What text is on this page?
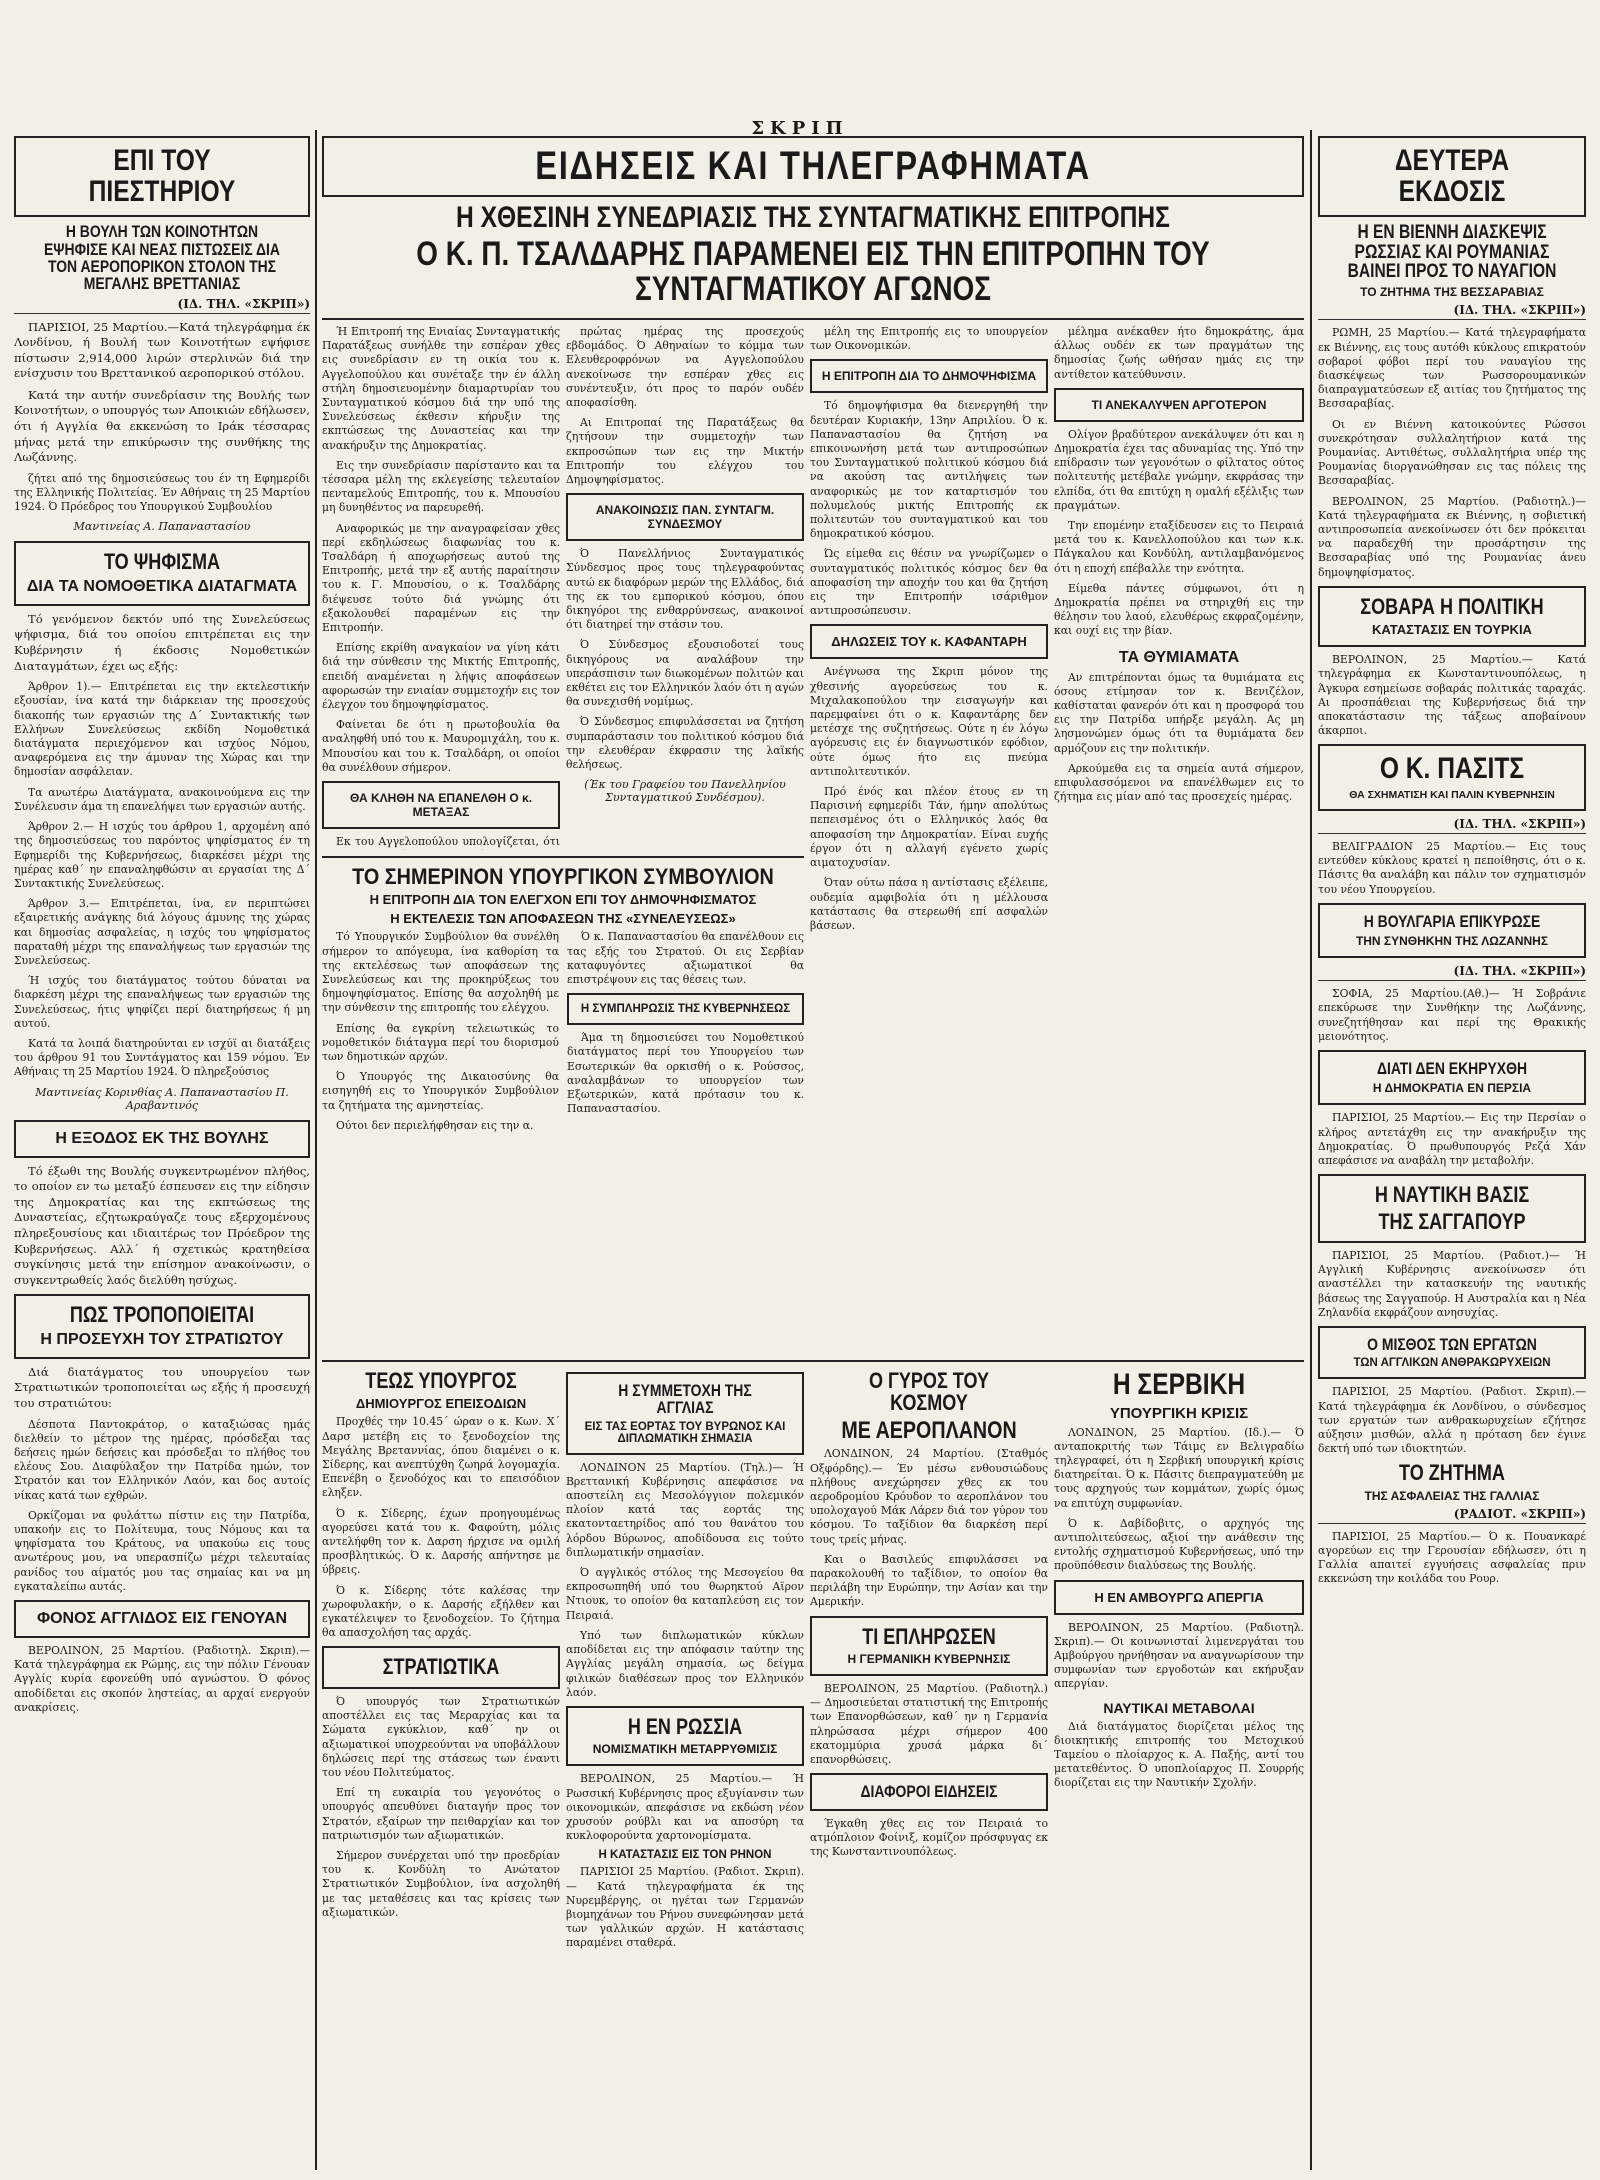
ΣΚΡΙΠ
ΕΠΙ ΤΟΥ ΠΙΕΣΤΗΡΙΟΥ
Η ΒΟΥΛΗ ΤΩΝ ΚΟΙΝΟΤΗΤΩΝ ΕΨΗΦΙΣΕ ΚΑΙ ΝΕΑΣ ΠΙΣΤΩΣΕΙΣ ΔΙΑ ΤΟΝ ΑΕΡΟΠΟΡΙΚΟΝ ΣΤΟΛΟΝ ΤΗΣ ΜΕΓΑΛΗΣ ΒΡΕΤΤΑΝΙΑΣ
(ΙΔ. ΤΗΛ. «ΣΚΡΙΠ»)

ΠΑΡΙΣΙΟΙ, 25 Μαρτίου.—Κατά τηλεγράφημα έκ Λονδίνου, ή Βουλή των Κοινοτήτων εψήφισε πίστωσιν 2,914,000 λιρών στερλινών διά την ενίσχυσιν του Βρεττανικού αεροπορικού στόλου.

Κατά την αυτήν συνεδρίασιν της Βουλής των Κοινοτήτων, ο υπουργός των Αποικιών εδήλωσεν, ότι ή Αγγλία θα εκκενώση το Ιράκ τέσσαρας μήνας μετά την επικύρωσιν της συνθήκης της Λωζάννης.

ζήτει από της δημοσιεύσεως του έν τη Εφημερίδι της Ελληνικής Πολιτείας. Έν Αθήναις τη 25 Μαρτίου 1924. Ό Πρόεδρος του Υπουργικού Συμβουλίου

Μαντινείας Α. Παπαναστασίου
ΤΟ ΨΗΦΙΣΜΑ
ΔΙΑ ΤΑ ΝΟΜΟΘΕΤΙΚΑ ΔΙΑΤΑΓΜΑΤΑ

Τό γενόμενον δεκτόν υπό της Συνελεύσεως ψήφισμα, διά του οποίου επιτρέπεται εις την Κυβέρνησιν ή έκδοσις Νομοθετικών Διαταγμάτων, έχει ως εξής:

Άρθρον 1).— Επιτρέπεται εις την εκτελεστικήν εξουσίαν, ίνα κατά την διάρκειαν της προσεχούς διακοπής των εργασιών της Δ΄ Συντακτικής των Ελλήνων Συνελεύσεως εκδίδη Νομοθετικά διατάγματα περιεχόμενον και ισχύος Νόμου, αναφερόμενα εις την άμυναν της Χώρας και την δημοσίαν ασφάλειαν.

Τα ανωτέρω Διατάγματα, ανακοινούμενα εις την Συνέλευσιν άμα τη επανελήψει των εργασιών αυτής.

Άρθρον 2.— Η ισχύς του άρθρου 1, αρχομένη από της δημοσιεύσεως του παρόντος ψηφίσματος έν τη Εφημερίδι της Κυβερνήσεως, διαρκέσει μέχρι της ημέρας καθ΄ ην επαναληφθώσιν αι εργασίαι της Δ΄ Συντακτικής Συνελεύσεως.

Άρθρον 3.— Επιτρέπεται, ίνα, εν περιπτώσει εξαιρετικής ανάγκης διά λόγους άμυνης της χώρας και δημοσίας ασφαλείας, η ισχύς του ψηφίσματος παραταθή μέχρι της επαναλήψεως των εργασιών της Συνελεύσεως.

Ή ισχύς του διατάγματος τούτου δύναται να διαρκέση μέχρι της επαναλήψεως των εργασιών της Συνελεύσεως, ήτις ψηφίζει περί διατηρήσεως ή μη αυτού.

Κατά τα λοιπά διατηρούνται εν ισχύϊ αι διατάξεις του άρθρου 91 του Συντάγματος και 159 νόμου. Έν Αθήναις τη 25 Μαρτίου 1924. Ό πληρεξούσιος

Μαντινείας Κορινθίας Α. Παπαναστασίου Π. Αραβαντινός
Η ΕΞΟΔΟΣ ΕΚ ΤΗΣ ΒΟΥΛΗΣ

Τό έξωθι της Βουλής συγκεντρωμένον πλήθος, το οποίον εν τω μεταξύ έσπευσεν εις την είδησιν της Δημοκρατίας και της εκπτώσεως της Δυναστείας, εζητωκραύγαζε τους εξερχομένους πληρεξουσίους και ιδιαιτέρως τον Πρόεδρον της Κυβερνήσεως. Αλλ΄ ή σχετικώς κρατηθείσα συγκίνησις μετά την επίσημον ανακοίνωσιν, ο συγκεντρωθείς λαός διελύθη ησύχως.

ΠΩΣ ΤΡΟΠΟΠΟΙΕΙΤΑΙ
Η ΠΡΟΣΕΥΧΗ ΤΟΥ ΣΤΡΑΤΙΩΤΟΥ

Διά διατάγματος του υπουργείου των Στρατιωτικών τροποποιείται ως εξής ή προσευχή του στρατιώτου:

Δέσποτα Παντοκράτορ, ο καταξιώσας ημάς διελθείν το μέτρον της ημέρας, πρόσδεξαι τας δεήσεις ημών δεήσεις και πρόσδεξαι το πλήθος του ελέους Σου. Διαφύλαξον την Πατρίδα ημών, τον Στρατόν και τον Ελληνικόν Λαόν, και δος αυτοίς νίκας κατά των εχθρών.

Ορκίζομαι να φυλάττω πίστιν εις την Πατρίδα, υπακοήν εις το Πολίτευμα, τους Νόμους και τα ψηφίσματα του Κράτους, να υπακούω εις τους ανωτέρους μου, να υπερασπίζω μέχρι τελευταίας ρανίδος του αίματός μου τας σημαίας και να μη εγκαταλείπω αυτάς.

ΦΟΝΟΣ ΑΓΓΛΙΔΟΣ ΕΙΣ ΓΕΝΟΥΑΝ

ΒΕΡΟΛΙΝΟΝ, 25 Μαρτίου. (Ραδιοτηλ. Σκριπ).— Κατά τηλεγράφημα εκ Ρώμης, εις την πόλιν Γένουαν Αγγλίς κυρία εφονεύθη υπό αγνώστου. Ό φόνος αποδίδεται εις σκοπόν ληστείας, αι αρχαί ενεργούν ανακρίσεις.

ΕΙΔΗΣΕΙΣ ΚΑΙ ΤΗΛΕΓΡΑΦΗΜΑΤΑ
Η ΧΘΕΣΙΝΗ ΣΥΝΕΔΡΙΑΣΙΣ ΤΗΣ ΣΥΝΤΑΓΜΑΤΙΚΗΣ ΕΠΙΤΡΟΠΗΣ
Ο Κ. Π. ΤΣΑΛΔΑΡΗΣ ΠΑΡΑΜΕΝΕΙ ΕΙΣ ΤΗΝ ΕΠΙΤΡΟΠΗΝ ΤΟΥ ΣΥΝΤΑΓΜΑΤΙΚΟΥ ΑΓΩΝΟΣ

Ή Επιτροπή της Ενιαίας Συνταγματικής Παρατάξεως συνήλθε την εσπέραν χθες εις συνεδρίασιν εν τη οικία του κ. Αγγελοπούλου και συνέταξε την έν άλλη στήλη δημοσιευομένην διαμαρτυρίαν του Συνταγματικού κόσμου διά την υπό της Συνελεύσεως έκθεσιν κήρυξιν της εκπτώσεως της Δυναστείας και την ανακήρυξιν της Δημοκρατίας.

Εις την συνεδρίασιν παρίσταντο και τα τέσσαρα μέλη της εκλεγείσης τελευταίον πενταμελούς Επιτροπής, του κ. Μπουσίου μη δυνηθέντος να παρευρεθή.

Αναφορικώς με την αναγραφείσαν χθες περί εκδηλώσεως διαφωνίας του κ. Τσαλδάρη ή αποχωρήσεως αυτού της Επιτροπής, μετά την εξ αυτής παραίτησιν του κ. Γ. Μπουσίου, ο κ. Τσαλδάρης διέψευσε τούτο διά γνώμης ότι εξακολουθεί παραμένων εις την Επιτροπήν.

Επίσης εκρίθη αναγκαίον να γίνη κάτι διά την σύνθεσιν της Μικτής Επιτροπής, επειδή αναμένεται η λήψις αποφάσεων αφορωσών την ενιαίαν συμμετοχήν εις τον έλεγχον του δημοψηφίσματος.

Φαίνεται δε ότι η πρωτοβουλία θα αναληφθή υπό του κ. Μαυρομιχάλη, του κ. Μπουσίου και του κ. Τσαλδάρη, οι οποίοι θα συνέλθουν σήμερον.

ΘΑ ΚΛΗΘΗ ΝΑ ΕΠΑΝΕΛΘΗ Ο κ. ΜΕΤΑΞΑΣ

Εκ του Αγγελοπούλου υπολογίζεται, ότι

πρώτας ημέρας της προσεχούς εβδομάδος. Ό Αθηναίων το κόμμα των Ελευθεροφρόνων να Αγγελοπούλου ανεκοίνωσε την εσπέραν χθες εις συνέντευξιν, ότι προς το παρόν ουδέν αποφασίσθη.

Αι Επιτροπαί της Παρατάξεως θα ζητήσουν την συμμετοχήν των εκπροσώπων των εις την Μικτήν Επιτροπήν του ελέγχου του Δημοψηφίσματος.

ΑΝΑΚΟΙΝΩΣΙΣ ΠΑΝ. ΣΥΝΤΑΓΜ. ΣΥΝΔΕΣΜΟΥ

Ό Πανελλήνιος Συνταγματικός Σύνδεσμος προς τους τηλεγραφούντας αυτώ εκ διαφόρων μερών της Ελλάδος, διά της εκ του εμπορικού κόσμου, όπου δικηγόροι της ενθαρρύνσεως, ανακοινοί ότι διατηρεί την στάσιν του.

Ό Σύνδεσμος εξουσιοδοτεί τους δικηγόρους να αναλάβουν την υπεράσπισιν των διωκομένων πολιτών και εκθέτει εις τον Ελληνικόν λαόν ότι η αγών θα συνεχισθή νομίμως.

Ό Σύνδεσμος επιφυλάσσεται να ζητήση συμπαράστασιν του πολιτικού κόσμου διά την ελευθέραν έκφρασιν της λαϊκής θελήσεως.

(Έκ του Γραφείου του Πανελληνίου Συνταγματικού Συνδέσμου).

μέλη της Επιτροπής εις το υπουργείον των Οικονομικών.

Η ΕΠΙΤΡΟΠΗ ΔΙΑ ΤΟ ΔΗΜΟΨΗΦΙΣΜΑ

Τό δημοψήφισμα θα διενεργηθή την δευτέραν Κυριακήν, 13ην Απριλίου. Ό κ. Παπαναστασίου θα ζητήση να επικοινωνήση μετά των αντιπροσώπων του Συνταγματικού πολιτικού κόσμου διά να ακούση τας αντιλήψεις των αναφορικώς με τον καταρτισμόν του πολυμελούς μικτής Επιτροπής εκ πολιτευτών του συνταγματικού και του δημοκρατικού κόσμου.

Ώς είμεθα εις θέσιν να γνωρίζωμεν ο συνταγματικός πολιτικός κόσμος δεν θα αποφασίση την αποχήν του και θα ζητήση εις την Επιτροπήν ισάριθμον αντιπροσώπευσιν.

ΔΗΛΩΣΕΙΣ ΤΟΥ κ. ΚΑΦΑΝΤΑΡΗ

Ανέγνωσα της Σκριπ μόνον της χθεσινής αγορεύσεως του κ. Μιχαλακοπούλου την εισαγωγήν και παρεμφαίνει ότι ο κ. Καφαντάρης δεν μετέσχε της συζητήσεως. Ούτε η έν λόγω αγόρευσις εις έν διαγνωστικόν εφόδιον, ούτε όμως ήτο εις πνεύμα αντιπολιτευτικόν.

Πρό ένός και πλέον έτους εν τη Παρισινή εφημερίδι Τάν, ήμην απολύτως πεπεισμένος ότι ο Ελληνικός λαός θα αποφασίση την Δημοκρατίαν. Είναι ευχής έργον ότι η αλλαγή εγένετο χωρίς αιματοχυσίαν.

Όταν ούτω πάσα η αντίστασις εξέλειπε, ουδεμία αμφιβολία ότι η μέλλουσα κατάστασις θα στερεωθή επί ασφαλών βάσεων.

μέλημα ανέκαθεν ήτο δημοκράτης, άμα άλλως ουδέν εκ των πραγμάτων της δημοσίας ζωής ωθήσαν ημάς εις την αντίθετον κατεύθυνσιν.

ΤΙ ΑΝΕΚΑΛΥΨΕΝ ΑΡΓΟΤΕΡΟΝ

Ολίγον βραδύτερον ανεκάλυψεν ότι και η Δημοκρατία έχει τας αδυναμίας της. Υπό την επίδρασιν των γεγονότων ο φίλτατος ούτος πολιτευτής μετέβαλε γνώμην, εκφράσας την ελπίδα, ότι θα επιτύχη η ομαλή εξέλιξις των πραγμάτων.

Την επομένην εταξίδευσεν εις το Πειραιά μετά του κ. Κανελλοπούλου και των κ.κ. Πάγκαλου και Κονδύλη, αντιλαμβανόμενος ότι η εποχή επέβαλλε την ενότητα.

Είμεθα πάντες σύμφωνοι, ότι η Δημοκρατία πρέπει να στηριχθή εις την θέλησιν του λαού, ελευθέρως εκφραζομένην, και ουχί εις την βίαν.

ΤΑ ΘΥΜΙΑΜΑΤΑ

Αν επιτρέπονται όμως τα θυμιάματα εις όσους ετίμησαν τον κ. Βενιζέλον, καθίσταται φανερόν ότι και η προσφορά του εις την Πατρίδα υπήρξε μεγάλη. Ας μη λησμονώμεν όμως ότι τα θυμιάματα δεν αρμόζουν εις την πολιτικήν.

Αρκούμεθα εις τα σημεία αυτά σήμερον, επιφυλασσόμενοι να επανέλθωμεν εις το ζήτημα εις μίαν από τας προσεχείς ημέρας.

ΤΟ ΣΗΜΕΡΙΝΟΝ ΥΠΟΥΡΓΙΚΟΝ ΣΥΜΒΟΥΛΙΟΝ
Η ΕΠΙΤΡΟΠΗ ΔΙΑ ΤΟΝ ΕΛΕΓΧΟΝ ΕΠΙ ΤΟΥ ΔΗΜΟΨΗΦΙΣΜΑΤΟΣ
Η ΕΚΤΕΛΕΣΙΣ ΤΩΝ ΑΠΟΦΑΣΕΩΝ ΤΗΣ «ΣΥΝΕΛΕΥΣΕΩΣ»

Τό Υπουργικόν Συμβούλιον θα συνέλθη σήμερον το απόγευμα, ίνα καθορίση τα της εκτελέσεως των αποφάσεων της Συνελεύσεως και της προκηρύξεως του δημοψηφίσματος. Επίσης θα ασχοληθή με την σύνθεσιν της επιτροπής του ελέγχου.

Επίσης θα εγκρίνη τελειωτικώς το νομοθετικόν διάταγμα περί του διορισμού των δημοτικών αρχών.

Ό Υπουργός της Δικαιοσύνης θα εισηγηθή εις το Υπουργικόν Συμβούλιον τα ζητήματα της αμνηστείας.

Ούτοι δεν περιελήφθησαν εις την α.

Ό κ. Παπαναστασίου θα επανέλθουν εις τας εξής του Στρατού. Οι εις Σερβίαν καταφυγόντες αξιωματικοί θα επιστρέψουν εις τας θέσεις των.

Η ΣΥΜΠΛΗΡΩΣΙΣ ΤΗΣ ΚΥΒΕΡΝΗΣΕΩΣ

Άμα τη δημοσιεύσει του Νομοθετικού διατάγματος περί του Υπουργείου των Εσωτερικών θα ορκισθή ο κ. Ρούσσος, αναλαμβάνων το υπουργείον των Εξωτερικών, κατά πρότασιν του κ. Παπαναστασίου.

ΤΕΩΣ ΥΠΟΥΡΓΟΣ
ΔΗΜΙΟΥΡΓΟΣ ΕΠΕΙΣΟΔΙΩΝ

Προχθές την 10.45΄ ώραν ο κ. Κων. Χ΄ Δαρσ μετέβη εις το ξενοδοχείον της Μεγάλης Βρεταννίας, όπου διαμένει ο κ. Σίδερης, και ανεπτύχθη ζωηρά λογομαχία. Επενέβη ο ξενοδόχος και το επεισόδιον εληξεν.

Ό κ. Σίδερης, έχων προηγουμένως αγορεύσει κατά του κ. Φαφούτη, μόλις αντελήφθη τον κ. Δαρση ήρχισε να ομιλή προσβλητικώς. Ό κ. Δαρσής απήντησε με ύβρεις.

Ό κ. Σίδερης τότε καλέσας την χωροφυλακήν, ο κ. Δαρσής εξήλθεν και εγκατέλειψεν το ξενοδοχείον. Το ζήτημα θα απασχολήση τας αρχάς.

ΣΤΡΑΤΙΩΤΙΚΑ

Ό υπουργός των Στρατιωτικών αποστέλλει εις τας Μεραρχίας και τα Σώματα εγκύκλιον, καθ΄ ην οι αξιωματικοί υποχρεούνται να υποβάλλουν δηλώσεις περί της στάσεως των έναντι του νέου Πολιτεύματος.

Επί τη ευκαιρία του γεγονότος ο υπουργός απευθύνει διαταγήν προς τον Στρατόν, εξαίρων την πειθαρχίαν και τον πατριωτισμόν των αξιωματικών.

Σήμερον συνέρχεται υπό την προεδρίαν του κ. Κονδύλη το Ανώτατον Στρατιωτικόν Συμβούλιον, ίνα ασχοληθή με τας μεταθέσεις και τας κρίσεις των αξιωματικών.

Η ΣΥΜΜΕΤΟΧΗ ΤΗΣ ΑΓΓΛΙΑΣ
ΕΙΣ ΤΑΣ ΕΟΡΤΑΣ ΤΟΥ ΒΥΡΩΝΟΣ ΚΑΙ ΔΙΠΛΩΜΑΤΙΚΗ ΣΗΜΑΣΙΑ

ΛΟΝΔΙΝΟΝ 25 Μαρτίου. (Τηλ.)— Ή Βρεττανική Κυβέρνησις απεφάσισε να αποστείλη εις Μεσολόγγιον πολεμικόν πλοίον κατά τας εορτάς της εκατονταετηρίδος από του θανάτου του λόρδου Βύρωνος, αποδίδουσα εις τούτο διπλωματικήν σημασίαν.

Ό αγγλικός στόλος της Μεσογείου θα εκπροσωπηθή υπό του θωρηκτού Αϊρον Ντιουκ, το οποίον θα καταπλεύση εις τον Πειραιά.

Υπό των διπλωματικών κύκλων αποδίδεται εις την απόφασιν ταύτην της Αγγλίας μεγάλη σημασία, ως δείγμα φιλικών διαθέσεων προς τον Ελληνικόν λαόν.

Η ΕΝ ΡΩΣΣΙΑ
ΝΟΜΙΣΜΑΤΙΚΗ ΜΕΤΑΡΡΥΘΜΙΣΙΣ

ΒΕΡΟΛΙΝΟΝ, 25 Μαρτίου.— Ή Ρωσσική Κυβέρνησις προς εξυγίανσιν των οικονομικών, απεφάσισε να εκδώση νέον χρυσούν ρούβλι και να αποσύρη τα κυκλοφορούντα χαρτονομίσματα.

Η ΚΑΤΑΣΤΑΣΙΣ ΕΙΣ ΤΟΝ ΡΗΝΟΝ

ΠΑΡΙΣΙΟΙ 25 Μαρτίου. (Ραδιοτ. Σκριπ).— Κατά τηλεγραφήματα έκ της Νυρεμβέργης, οι ηγέται των Γερμανών βιομηχάνων του Ρήνου συνεφώνησαν μετά των γαλλικών αρχών. Η κατάστασις παραμένει σταθερά.

Ο ΓΥΡΟΣ ΤΟΥ ΚΟΣΜΟΥ
ΜΕ ΑΕΡΟΠΛΑΝΟΝ

ΛΟΝΔΙΝΟΝ, 24 Μαρτίου. (Σταθμός Οξφόρδης).— Έν μέσω ενθουσιώδους πλήθους ανεχώρησεν χθες εκ του αεροδρομίου Κρόυδον το αεροπλάνον του υπολοχαγού Μάκ Λάρεν διά τον γύρον του κόσμου. Το ταξίδιον θα διαρκέση περί τους τρείς μήνας.

Και ο Βασιλεύς επιφυλάσσει να παρακολουθή το ταξίδιον, το οποίον θα περιλάβη την Ευρώπην, την Ασίαν και την Αμερικήν.

ΤΙ ΕΠΛΗΡΩΣΕΝ
Η ΓΕΡΜΑΝΙΚΗ ΚΥΒΕΡΝΗΣΙΣ

ΒΕΡΟΛΙΝΟΝ, 25 Μαρτίου. (Ραδιοτηλ.)— Δημοσιεύεται στατιστική της Επιτροπής των Επανορθώσεων, καθ΄ ην η Γερμανία πληρώσασα μέχρι σήμερον 400 εκατομμύρια χρυσά μάρκα δι΄ επανορθώσεις.

ΔΙΑΦΟΡΟΙ ΕΙΔΗΣΕΙΣ

Έγκαθη χθες εις τον Πειραιά το ατμόπλοιον Φοίνιξ, κομίζον πρόσφυγας εκ της Κωνσταντινουπόλεως.

Η ΣΕΡΒΙΚΗ
ΥΠΟΥΡΓΙΚΗ ΚΡΙΣΙΣ

ΛΟΝΔΙΝΟΝ, 25 Μαρτίου. (Ιδ.).— Ό ανταποκριτής των Τάιμς εν Βελιγραδίω τηλεγραφεί, ότι η Σερβική υπουργική κρίσις διατηρείται. Ό κ. Πάσιτς διεπραγματεύθη με τους αρχηγούς των κομμάτων, χωρίς όμως να επιτύχη συμφωνίαν.

Ό κ. Δαβίδοβιτς, ο αρχηγός της αντιπολιτεύσεως, αξιοί την ανάθεσιν της εντολής σχηματισμού Κυβερνήσεως, υπό την προϋπόθεσιν διαλύσεως της Βουλής.

Η ΕΝ ΑΜΒΟΥΡΓΩ ΑΠΕΡΓΙΑ

ΒΕΡΟΛΙΝΟΝ, 25 Μαρτίου. (Ραδιοτηλ. Σκριπ).— Οι κοινωνισταί λιμενεργάται του Αμβούργου ηρνήθησαν να αναγνωρίσουν την συμφωνίαν των εργοδοτών και εκήρυξαν απεργίαν.

ΝΑΥΤΙΚΑΙ ΜΕΤΑΒΟΛΑΙ

Διά διατάγματος διορίζεται μέλος της διοικητικής επιτροπής του Μετοχικού Ταμείου ο πλοίαρχος κ. Α. Παξής, αντί του μετατεθέντος. Ό υποπλοίαρχος Π. Σουρρής διορίζεται εις την Ναυτικήν Σχολήν.

ΔΕΥΤΕΡΑ ΕΚΔΟΣΙΣ
Η ΕΝ ΒΙΕΝΝΗ ΔΙΑΣΚΕΨΙΣ ΡΩΣΣΙΑΣ ΚΑΙ ΡΟΥΜΑΝΙΑΣ ΒΑΙΝΕΙ ΠΡΟΣ ΤΟ ΝΑΥΑΓΙΟΝ
ΤΟ ΖΗΤΗΜΑ ΤΗΣ ΒΕΣΣΑΡΑΒΙΑΣ
(ΙΔ. ΤΗΛ. «ΣΚΡΙΠ»)

ΡΩΜΗ, 25 Μαρτίου.— Κατά τηλεγραφήματα εκ Βιέννης, εις τους αυτόθι κύκλους επικρατούν σοβαροί φόβοι περί του ναυαγίου της διασκέψεως των Ρωσσορουμανικών διαπραγματεύσεων εξ αιτίας του ζητήματος της Βεσσαραβίας.

Οι εν Βιέννη κατοικούντες Ρώσσοι συνεκρότησαν συλλαλητήριον κατά της Ρουμανίας. Αντιθέτως, συλλαλητήρια υπέρ της Ρουμανίας διοργανώθησαν εις τας πόλεις της Βεσσαραβίας.

ΒΕΡΟΛΙΝΟΝ, 25 Μαρτίου. (Ραδιοτηλ.)— Κατά τηλεγραφήματα εκ Βιέννης, η σοβιετική αντιπροσωπεία ανεκοίνωσεν ότι δεν πρόκειται να παραδεχθή την προσάρτησιν της Βεσσαραβίας υπό της Ρουμανίας άνευ δημοψηφίσματος.

ΣΟΒΑΡΑ Η ΠΟΛΙΤΙΚΗ
ΚΑΤΑΣΤΑΣΙΣ ΕΝ ΤΟΥΡΚΙΑ

ΒΕΡΟΛΙΝΟΝ, 25 Μαρτίου.— Κατά τηλεγράφημα εκ Κωνσταντινουπόλεως, η Άγκυρα εσημείωσε σοβαράς πολιτικάς ταραχάς. Αι προσπάθειαι της Κυβερνήσεως διά την αποκατάστασιν της τάξεως αποβαίνουν άκαρποι.

Ο Κ. ΠΑΣΙΤΣ
ΘΑ ΣΧΗΜΑΤΙΣΗ ΚΑΙ ΠΑΛΙΝ ΚΥΒΕΡΝΗΣΙΝ
(ΙΔ. ΤΗΛ. «ΣΚΡΙΠ»)

ΒΕΛΙΓΡΑΔΙΟΝ 25 Μαρτίου.— Εις τους εντεύθεν κύκλους κρατεί η πεποίθησις, ότι ο κ. Πάσιτς θα αναλάβη και πάλιν τον σχηματισμόν του νέου Υπουργείου.

Η ΒΟΥΛΓΑΡΙΑ ΕΠΙΚΥΡΩΣΕ
ΤΗΝ ΣΥΝΘΗΚΗΝ ΤΗΣ ΛΩΖΑΝΝΗΣ
(ΙΔ. ΤΗΛ. «ΣΚΡΙΠ»)

ΣΟΦΙΑ, 25 Μαρτίου.(Αθ.)— Ή Σοβράνιε επεκύρωσε την Συνθήκην της Λωζάννης, συνεζητήθησαν και περί της Θρακικής μειονότητος.

ΔΙΑΤΙ ΔΕΝ ΕΚΗΡΥΧΘΗ
Η ΔΗΜΟΚΡΑΤΙΑ ΕΝ ΠΕΡΣΙΑ

ΠΑΡΙΣΙΟΙ, 25 Μαρτίου.— Εις την Περσίαν ο κλήρος αντετάχθη εις την ανακήρυξιν της Δημοκρατίας. Ό πρωθυπουργός Ρεζά Χάν απεφάσισε να αναβάλη την μεταβολήν.

Η ΝΑΥΤΙΚΗ ΒΑΣΙΣ
ΤΗΣ ΣΑΓΓΑΠΟΥΡ

ΠΑΡΙΣΙΟΙ, 25 Μαρτίου. (Ραδιοτ.)— Ή Αγγλική Κυβέρνησις ανεκοίνωσεν ότι αναστέλλει την κατασκευήν της ναυτικής βάσεως της Σαγγαπούρ. Η Αυστραλία και η Νέα Ζηλανδία εκφράζουν ανησυχίας.

Ο ΜΙΣΘΟΣ ΤΩΝ ΕΡΓΑΤΩΝ
ΤΩΝ ΑΓΓΛΙΚΩΝ ΑΝΘΡΑΚΩΡΥΧΕΙΩΝ

ΠΑΡΙΣΙΟΙ, 25 Μαρτίου. (Ραδιοτ. Σκριπ).— Κατά τηλεγράφημα έκ Λονδίνου, ο σύνδεσμος των εργατών των ανθρακωρυχείων εζήτησε αύξησιν μισθών, αλλά η πρόταση δεν έγινε δεκτή υπό των ιδιοκτητών.

ΤΟ ΖΗΤΗΜΑ
ΤΗΣ ΑΣΦΑΛΕΙΑΣ ΤΗΣ ΓΑΛΛΙΑΣ
(ΡΑΔΙΟΤ. «ΣΚΡΙΠ»)

ΠΑΡΙΣΙΟΙ, 25 Μαρτίου.— Ό κ. Πουανκαρέ αγορεύων εις την Γερουσίαν εδήλωσεν, ότι η Γαλλία απαιτεί εγγυήσεις ασφαλείας πριν εκκενώση την κοιλάδα του Ρουρ.
